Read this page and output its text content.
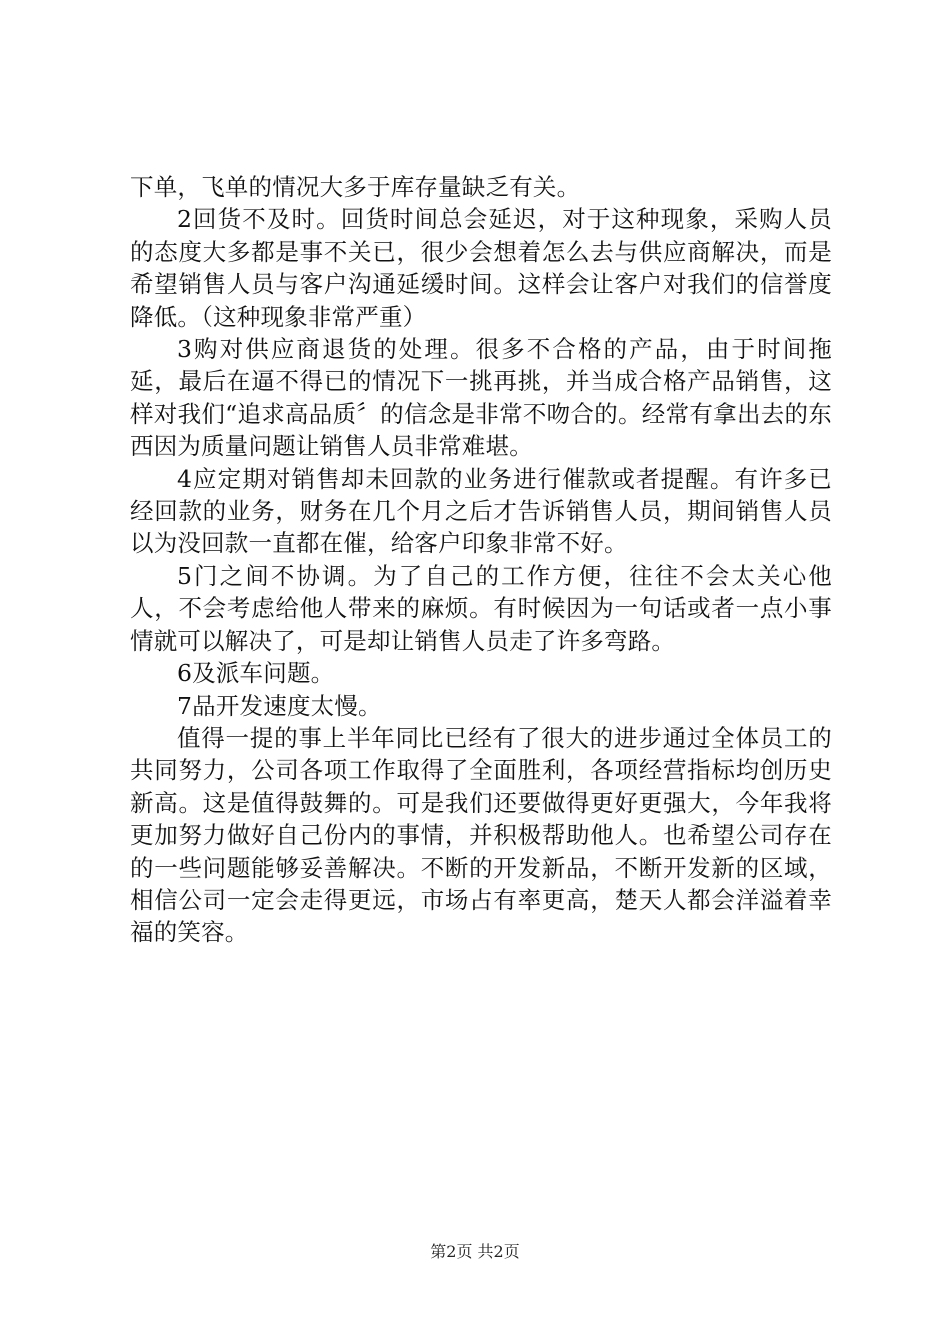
下单，飞单的情况大多于库存量缺乏有关。

2回货不及时。回货时间总会延迟，对于这种现象，采购人员的态度大多都是事不关已，很少会想着怎么去与供应商解决，而是希望销售人员与客户沟通延缓时间。这样会让客户对我们的信誉度降低。（这种现象非常严重）

3购对供应商退货的处理。很多不合格的产品，由于时间拖延，最后在逼不得已的情况下一挑再挑，并当成合格产品销售，这样对我们“追求高品质〞的信念是非常不吻合的。经常有拿出去的东西因为质量问题让销售人员非常难堪。

4应定期对销售却未回款的业务进行催款或者提醒。有许多已经回款的业务，财务在几个月之后才告诉销售人员，期间销售人员以为没回款一直都在催，给客户印象非常不好。

5门之间不协调。为了自己的工作方便，往往不会太关心他人，不会考虑给他人带来的麻烦。有时候因为一句话或者一点小事情就可以解决了，可是却让销售人员走了许多弯路。

6及派车问题。

7品开发速度太慢。

值得一提的事上半年同比已经有了很大的进步通过全体员工的共同努力，公司各项工作取得了全面胜利，各项经营指标均创历史新高。这是值得鼓舞的。可是我们还要做得更好更强大，今年我将更加努力做好自己份内的事情，并积极帮助他人。也希望公司存在的一些问题能够妥善解决。不断的开发新品，不断开发新的区域，相信公司一定会走得更远，市场占有率更高，楚天人都会洋溢着幸福的笑容。

第2页 共2页
